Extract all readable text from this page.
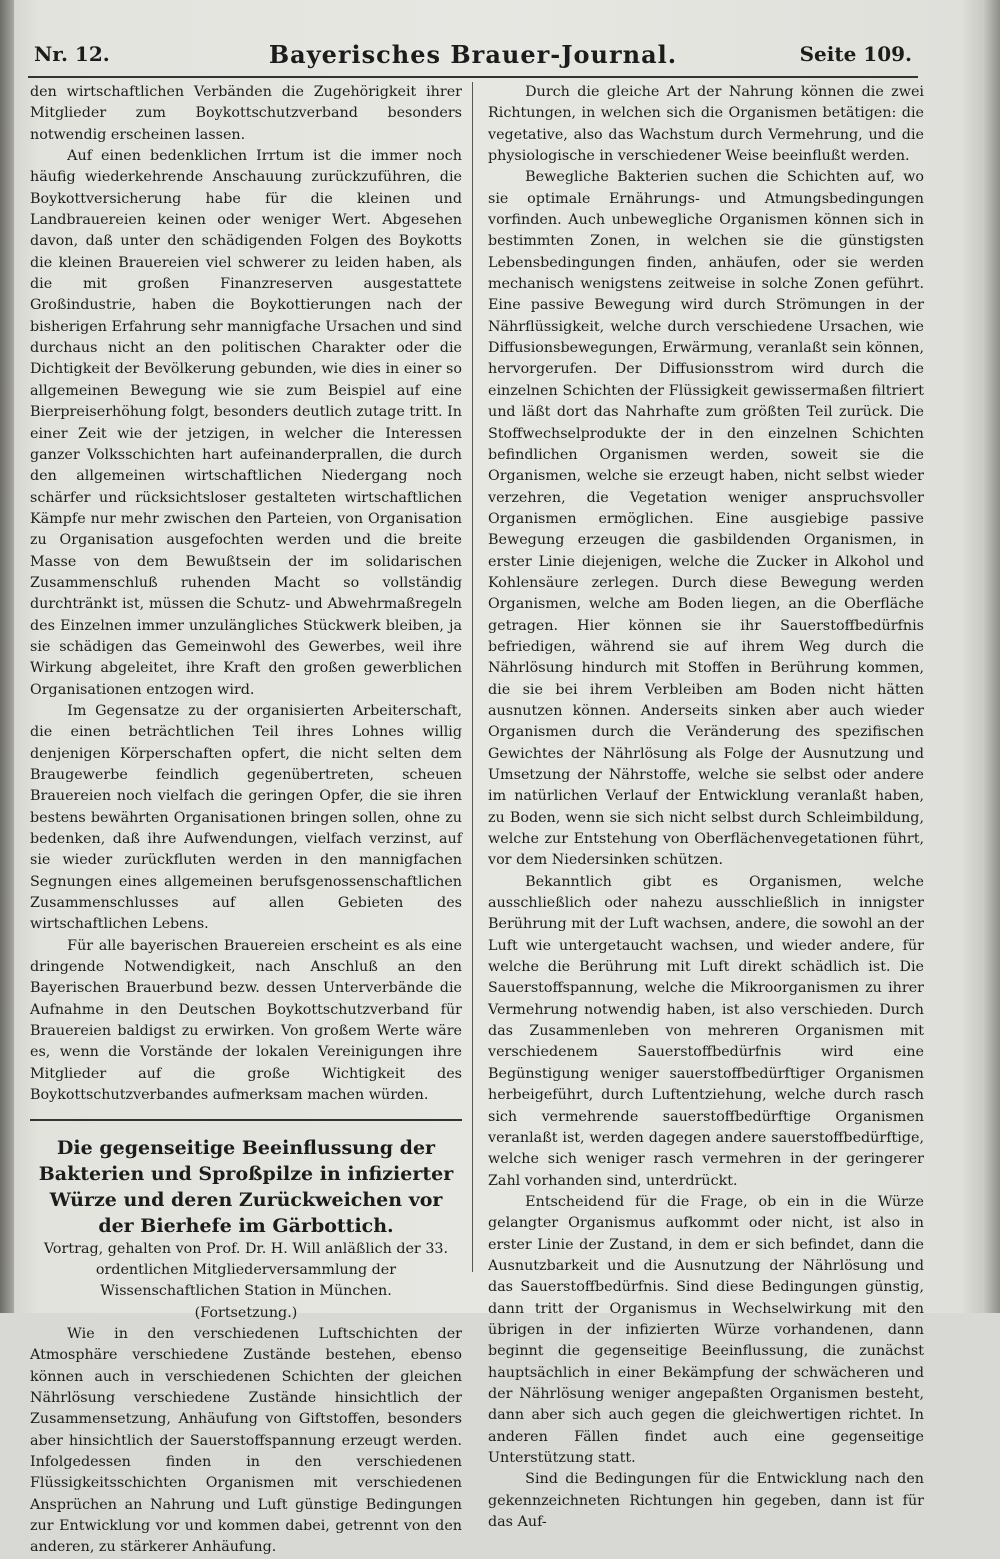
Nr. 12.	Bayerisches Brauer-Journal.	Seite 109.

den wirtschaftlichen Verbänden die Zugehörigkeit ihrer Mitglieder zum Boykottschutzverband besonders notwendig erscheinen lassen.

Auf einen bedenklichen Irrtum ist die immer noch häufig wiederkehrende Anschauung zurückzuführen, die Boykottversicherung habe für die kleinen und Landbrauereien keinen oder weniger Wert. Abgesehen davon, daß unter den schädigenden Folgen des Boykotts die kleinen Brauereien viel schwerer zu leiden haben, als die mit großen Finanzreserven ausgestattete Großindustrie, haben die Boykottierungen nach der bisherigen Erfahrung sehr mannigfache Ursachen und sind durchaus nicht an den politischen Charakter oder die Dichtigkeit der Bevölkerung gebunden, wie dies in einer so allgemeinen Bewegung wie sie zum Beispiel auf eine Bierpreiserhöhung folgt, besonders deutlich zutage tritt. In einer Zeit wie der jetzigen, in welcher die Interessen ganzer Volksschichten hart aufeinanderprallen, die durch den allgemeinen wirtschaftlichen Niedergang noch schärfer und rücksichtsloser gestalteten wirtschaftlichen Kämpfe nur mehr zwischen den Parteien, von Organisation zu Organisation ausgefochten werden und die breite Masse von dem Bewußtsein der im solidarischen Zusammenschluß ruhenden Macht so vollständig durchtränkt ist, müssen die Schutz- und Abwehrmaßregeln des Einzelnen immer unzulängliches Stückwerk bleiben, ja sie schädigen das Gemeinwohl des Gewerbes, weil ihre Wirkung abgeleitet, ihre Kraft den großen gewerblichen Organisationen entzogen wird.

Im Gegensatze zu der organisierten Arbeiterschaft, die einen beträchtlichen Teil ihres Lohnes willig denjenigen Körperschaften opfert, die nicht selten dem Braugewerbe feindlich gegenübertreten, scheuen Brauereien noch vielfach die geringen Opfer, die sie ihren bestens bewährten Organisationen bringen sollen, ohne zu bedenken, daß ihre Aufwendungen, vielfach verzinst, auf sie wieder zurückfluten werden in den mannigfachen Segnungen eines allgemeinen berufsgenossenschaftlichen Zusammenschlusses auf allen Gebieten des wirtschaftlichen Lebens.

Für alle bayerischen Brauereien erscheint es als eine dringende Notwendigkeit, nach Anschluß an den Bayerischen Brauerbund bezw. dessen Unterverbände die Aufnahme in den Deutschen Boykottschutzverband für Brauereien baldigst zu erwirken. Von großem Werte wäre es, wenn die Vorstände der lokalen Vereinigungen ihre Mitglieder auf die große Wichtigkeit des Boykottschutzverbandes aufmerksam machen würden.

Die gegenseitige Beeinflussung der Bakterien und Sproßpilze in infizierter Würze und deren Zurückweichen vor der Bierhefe im Gärbottich.

Vortrag, gehalten von Prof. Dr. H. Will anläßlich der 33. ordentlichen Mitgliederversammlung der Wissenschaftlichen Station in München.

(Fortsetzung.)

Wie in den verschiedenen Luftschichten der Atmosphäre verschiedene Zustände bestehen, ebenso können auch in verschiedenen Schichten der gleichen Nährlösung verschiedene Zustände hinsichtlich der Zusammensetzung, Anhäufung von Giftstoffen, besonders aber hinsichtlich der Sauerstoffspannung erzeugt werden. Infolgedessen finden in den verschiedenen Flüssigkeitsschichten Organismen mit verschiedenen Ansprüchen an Nahrung und Luft günstige Bedingungen zur Entwicklung vor und kommen dabei, getrennt von den anderen, zu stärkerer Anhäufung.

Durch die gleiche Art der Nahrung können die zwei Richtungen, in welchen sich die Organismen betätigen: die vegetative, also das Wachstum durch Vermehrung, und die physiologische in verschiedener Weise beeinflußt werden.

Bewegliche Bakterien suchen die Schichten auf, wo sie optimale Ernährungs- und Atmungsbedingungen vorfinden. Auch unbewegliche Organismen können sich in bestimmten Zonen, in welchen sie die günstigsten Lebensbedingungen finden, anhäufen, oder sie werden mechanisch wenigstens zeitweise in solche Zonen geführt. Eine passive Bewegung wird durch Strömungen in der Nährflüssigkeit, welche durch verschiedene Ursachen, wie Diffusionsbewegungen, Erwärmung, veranlaßt sein können, hervorgerufen. Der Diffusionsstrom wird durch die einzelnen Schichten der Flüssigkeit gewissermaßen filtriert und läßt dort das Nahrhafte zum größten Teil zurück. Die Stoffwechselprodukte der in den einzelnen Schichten befindlichen Organismen werden, soweit sie die Organismen, welche sie erzeugt haben, nicht selbst wieder verzehren, die Vegetation weniger anspruchsvoller Organismen ermöglichen. Eine ausgiebige passive Bewegung erzeugen die gasbildenden Organismen, in erster Linie diejenigen, welche die Zucker in Alkohol und Kohlensäure zerlegen. Durch diese Bewegung werden Organismen, welche am Boden liegen, an die Oberfläche getragen. Hier können sie ihr Sauerstoffbedürfnis befriedigen, während sie auf ihrem Weg durch die Nährlösung hindurch mit Stoffen in Berührung kommen, die sie bei ihrem Verbleiben am Boden nicht hätten ausnutzen können. Anderseits sinken aber auch wieder Organismen durch die Veränderung des spezifischen Gewichtes der Nährlösung als Folge der Ausnutzung und Umsetzung der Nährstoffe, welche sie selbst oder andere im natürlichen Verlauf der Entwicklung veranlaßt haben, zu Boden, wenn sie sich nicht selbst durch Schleimbildung, welche zur Entstehung von Oberflächenvegetationen führt, vor dem Niedersinken schützen.

Bekanntlich gibt es Organismen, welche ausschließlich oder nahezu ausschließlich in innigster Berührung mit der Luft wachsen, andere, die sowohl an der Luft wie untergetaucht wachsen, und wieder andere, für welche die Berührung mit Luft direkt schädlich ist. Die Sauerstoffspannung, welche die Mikroorganismen zu ihrer Vermehrung notwendig haben, ist also verschieden. Durch das Zusammenleben von mehreren Organismen mit verschiedenem Sauerstoffbedürfnis wird eine Begünstigung weniger sauerstoffbedürftiger Organismen herbeigeführt, durch Luftentziehung, welche durch rasch sich vermehrende sauerstoffbedürftige Organismen veranlaßt ist, werden dagegen andere sauerstoffbedürftige, welche sich weniger rasch vermehren in der geringerer Zahl vorhanden sind, unterdrückt.

Entscheidend für die Frage, ob ein in die Würze gelangter Organismus aufkommt oder nicht, ist also in erster Linie der Zustand, in dem er sich befindet, dann die Ausnutzbarkeit und die Ausnutzung der Nährlösung und das Sauerstoffbedürfnis. Sind diese Bedingungen günstig, dann tritt der Organismus in Wechselwirkung mit den übrigen in der infizierten Würze vorhandenen, dann beginnt die gegenseitige Beeinflussung, die zunächst hauptsächlich in einer Bekämpfung der schwächeren und der Nährlösung weniger angepaßten Organismen besteht, dann aber sich auch gegen die gleichwertigen richtet. In anderen Fällen findet auch eine gegenseitige Unterstützung statt.

Sind die Bedingungen für die Entwicklung nach den gekennzeichneten Richtungen hin gegeben, dann ist für das Auf-
